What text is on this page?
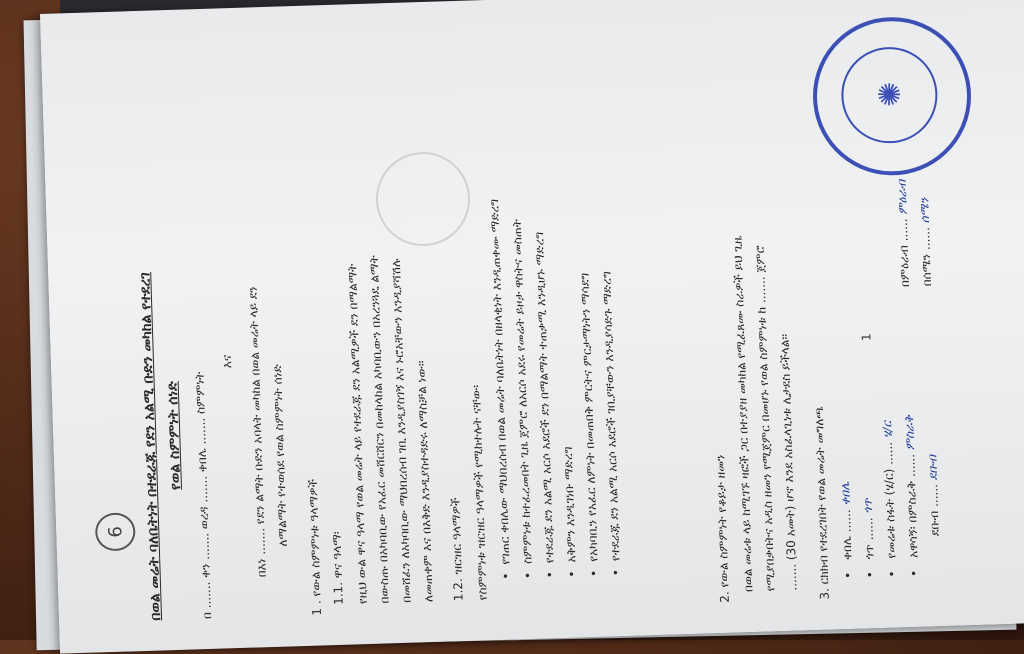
በወል መሬት ባለቤትነት በተደራጁ የደን አልሚ ቡድን መካከል የተደረገ የወል ስምምነት ሰነድ በ ....... ቀን ....... ወረዳ ....... ቀበሌ ....... ስምምነት
እና በእነ ....... የደን ልማት ቡድን አባላት መካከል በወል መሬት ላይ ደን ለማልማት የተወሰደ የወል ስምምነት ሰነድ
1 . የውል ስምምነቱ ዓላማዎች 1.1. ዋና ዓላማ፡ የዚህ ውል ዋና ዓላማ የወል መሬት ላይ የተደራጁ ደን አልሚዎች ደን በማልማት
በውስጡ በአካባቢው የአፈር መሸርሸርን በመከላከል አካባቢውን በአረንጓዴ ልማት
በመሸፈን ለአካባቢው ማህበረሰብ ገቢ እንዲያስገኝ እና ኑሮአቸውን እንዲያሻሽሉ ለመጠቀም እና በእቅድ እንዲያስተዳድሩ ለማስቻል ነው፡፡ 1.2. ዝርዝር ዓላማዎች የስምምነቱ ዝርዝር ዓላማዎች የሚከተሉት ናቸው፡
• የገጠር ቀበሌው ማህበረሰብ በወል መሬት ባለቤትነት በዘላቂነት እንዲጠቀሙ ማድረግ
• ስምምነቱ ከተፈረመበት ጊዜ ጀምሮ ለአርሶ አደሩ የመሬት ይዞታ ዋስትና መስጠት
• የተደራጁ ደን አልሚ አርሶ አደሮች ደን በማልማት ተጠቃሚ እንዲሆኑ ማድረግ • አቅምን እንዲገነቡ ማድረግ
• የአካባቢን የአፈር ለምነት በመጠበቅ ምርትና ምርታማነትን ማሳደግ
• የተደራጁ ደን አልሚ አርሶ አደሮች ገቢያቸውን እንዲያሳድጉ ማድረግ	2. የውል ስምምነት የቆይታ ዘመን
በወል መሬቱ ላይ ከሚገኙ ዛፎች ጋር በተያያዘ መካከል የሚፈጸሙ ስራዎች ይህ ጊዜ
የሚያበቃበትና አዲስ ዘመን የሚጀምር በመሆኑ የወል ስምምነቱ ከ ....... ጀምሮ ....... (30 አመት) ሆኖ እንደ አስፈላጊነቱ ሊታደስ ይችላል፡፡ 3. ርክክብ የተደረገበት የወል መሬት መግለጫ • ቀበሌ ...... ቀበሌ
• ጎጥ ...... ጎጥ • የመሬቱ ስፋት (ሄ/ር) ...... ሄ/ር
• አዋሳኝ፡ በምስራቅ ...... ምስራቅ
ደቡብ ...... ደቡብ
በምዕራብ ...... ምዕራብ
በሰሜን ...... ሰሜን
6
1
✺
